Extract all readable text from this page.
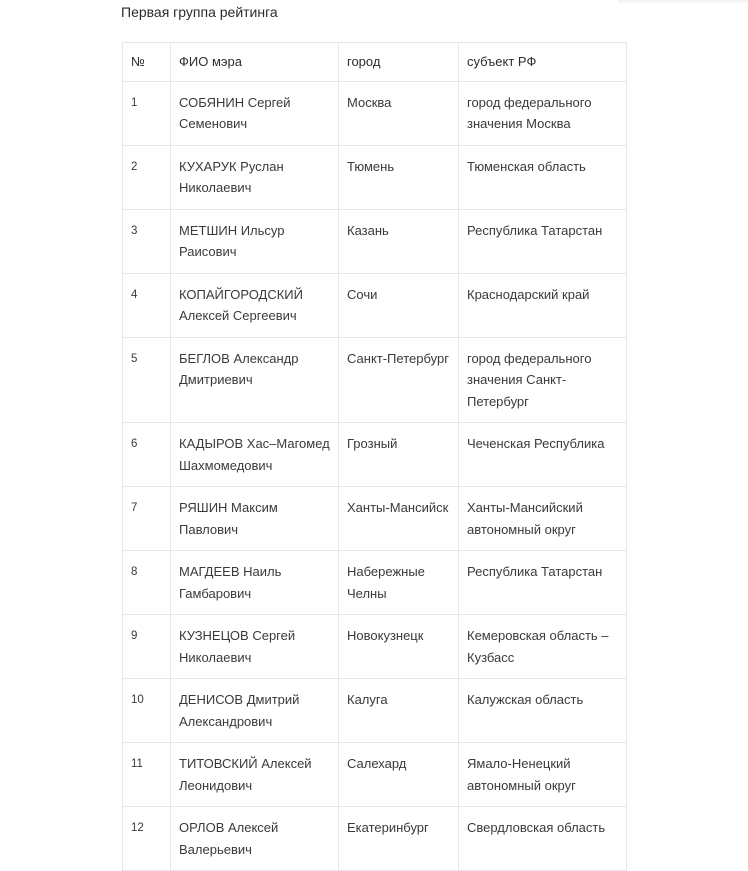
Первая группа рейтинга
№	ФИО мэра	город	субъект РФ
1	СОБЯНИН Сергей Семенович	Москва	город федерального значения Москва
2	КУХАРУК Руслан Николаевич	Тюмень	Тюменская область
3	МЕТШИН Ильсур Раисович	Казань	Республика Татарстан
4	КОПАЙГОРОДСКИЙ Алексей Сергеевич	Сочи	Краснодарский край
5	БЕГЛОВ Александр Дмитриевич	Санкт-Петербург	город федерального значения Санкт-Петербург
6	КАДЫРОВ Хас–Магомед Шахмомедович	Грозный	Чеченская Республика
7	РЯШИН Максим Павлович	Ханты-Мансийск	Ханты-Мансийский автономный округ
8	МАГДЕЕВ Наиль Гамбарович	Набережные Челны	Республика Татарстан
9	КУЗНЕЦОВ Сергей Николаевич	Новокузнецк	Кемеровская область – Кузбасс
10	ДЕНИСОВ Дмитрий Александрович	Калуга	Калужская область
11	ТИТОВСКИЙ Алексей Леонидович	Салехард	Ямало-Ненецкий автономный округ
12	ОРЛОВ Алексей Валерьевич	Екатеринбург	Свердловская область
